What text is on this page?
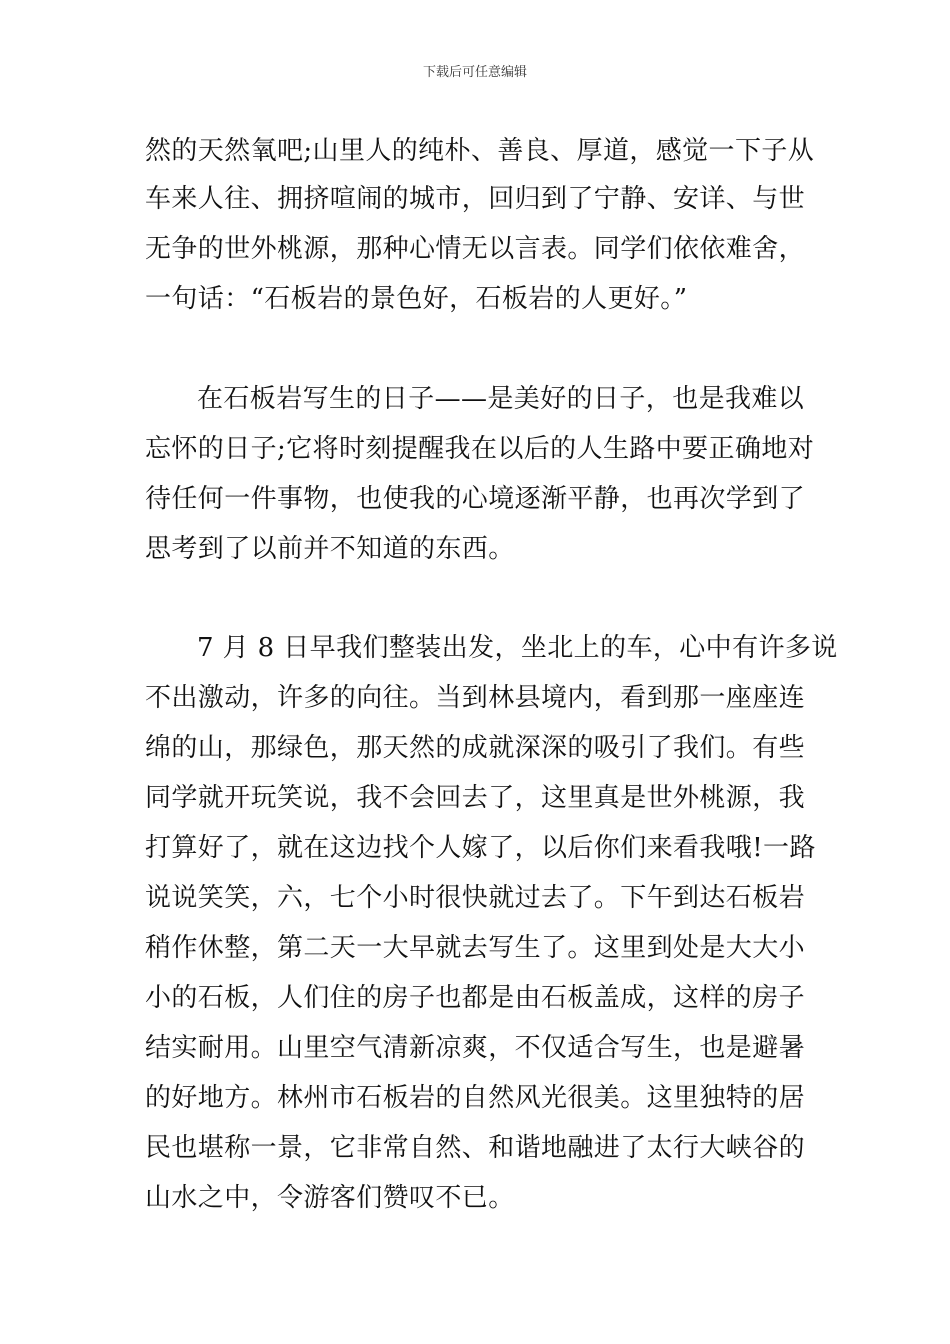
下载后可任意编辑
然的天然氧吧;山里人的纯朴、善良、厚道，感觉一下子从
车来人往、拥挤喧闹的城市，回归到了宁静、安详、与世
无争的世外桃源，那种心情无以言表。同学们依依难舍，
一句话：“石板岩的景色好，石板岩的人更好。”
在石板岩写生的日子——是美好的日子，也是我难以
忘怀的日子;它将时刻提醒我在以后的人生路中要正确地对
待任何一件事物，也使我的心境逐渐平静，也再次学到了
思考到了以前并不知道的东西。
7 月 8 日早我们整装出发，坐北上的车，心中有许多说
不出激动，许多的向往。当到林县境内，看到那一座座连
绵的山，那绿色，那天然的成就深深的吸引了我们。有些
同学就开玩笑说，我不会回去了，这里真是世外桃源，我
打算好了，就在这边找个人嫁了，以后你们来看我哦!一路
说说笑笑，六，七个小时很快就过去了。下午到达石板岩
稍作休整，第二天一大早就去写生了。这里到处是大大小
小的石板，人们住的房子也都是由石板盖成，这样的房子
结实耐用。山里空气清新凉爽，不仅适合写生，也是避暑
的好地方。林州市石板岩的自然风光很美。这里独特的居
民也堪称一景，它非常自然、和谐地融进了太行大峡谷的
山水之中，令游客们赞叹不已。
